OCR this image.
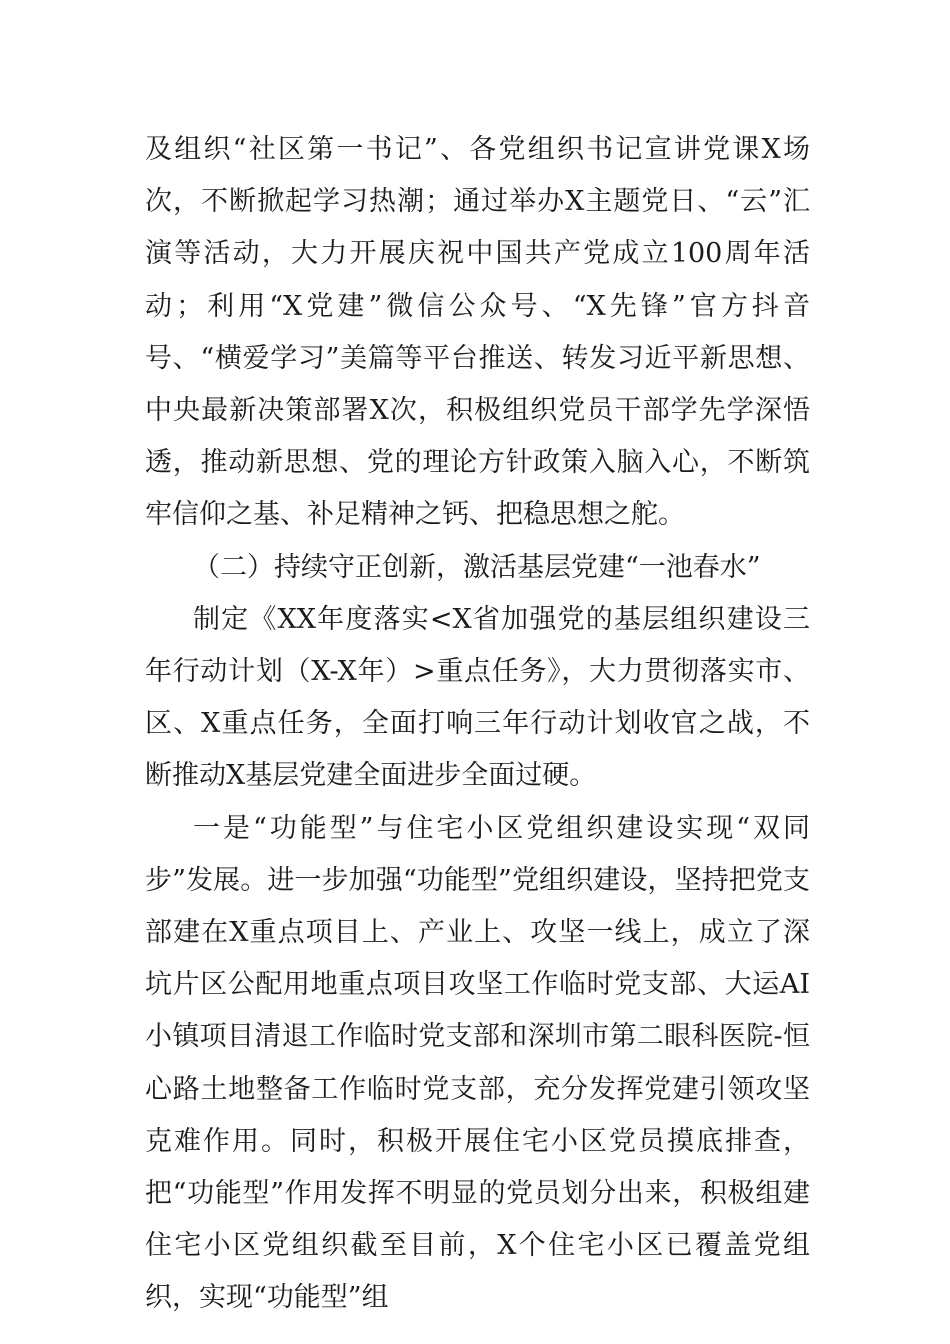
及组织“社区第一书记”、各党组织书记宣讲党课X场次，不断掀起学习热潮；通过举办X主题党日、“云”汇演等活动，大力开展庆祝中国共产党成立100周年活动；利用“X党建”微信公众号、“X先锋”官方抖音号、“横爱学习”美篇等平台推送、转发习近平新思想、中央最新决策部署X次，积极组织党员干部学先学深悟透，推动新思想、党的理论方针政策入脑入心，不断筑牢信仰之基、补足精神之钙、把稳思想之舵。

（二）持续守正创新，激活基层党建“一池春水”

制定《XX年度落实<X省加强党的基层组织建设三年行动计划（X-X年）>重点任务》，大力贯彻落实市、区、X重点任务，全面打响三年行动计划收官之战，不断推动X基层党建全面进步全面过硬。

一是“功能型”与住宅小区党组织建设实现“双同步”发展。进一步加强“功能型”党组织建设，坚持把党支部建在X重点项目上、产业上、攻坚一线上，成立了深坑片区公配用地重点项目攻坚工作临时党支部、大运AI小镇项目清退工作临时党支部和深圳市第二眼科医院-恒心路土地整备工作临时党支部，充分发挥党建引领攻坚克难作用。同时，积极开展住宅小区党员摸底排查，把“功能型”作用发挥不明显的党员划分出来，积极组建住宅小区党组织截至目前，X个住宅小区已覆盖党组织，实现“功能型”组
